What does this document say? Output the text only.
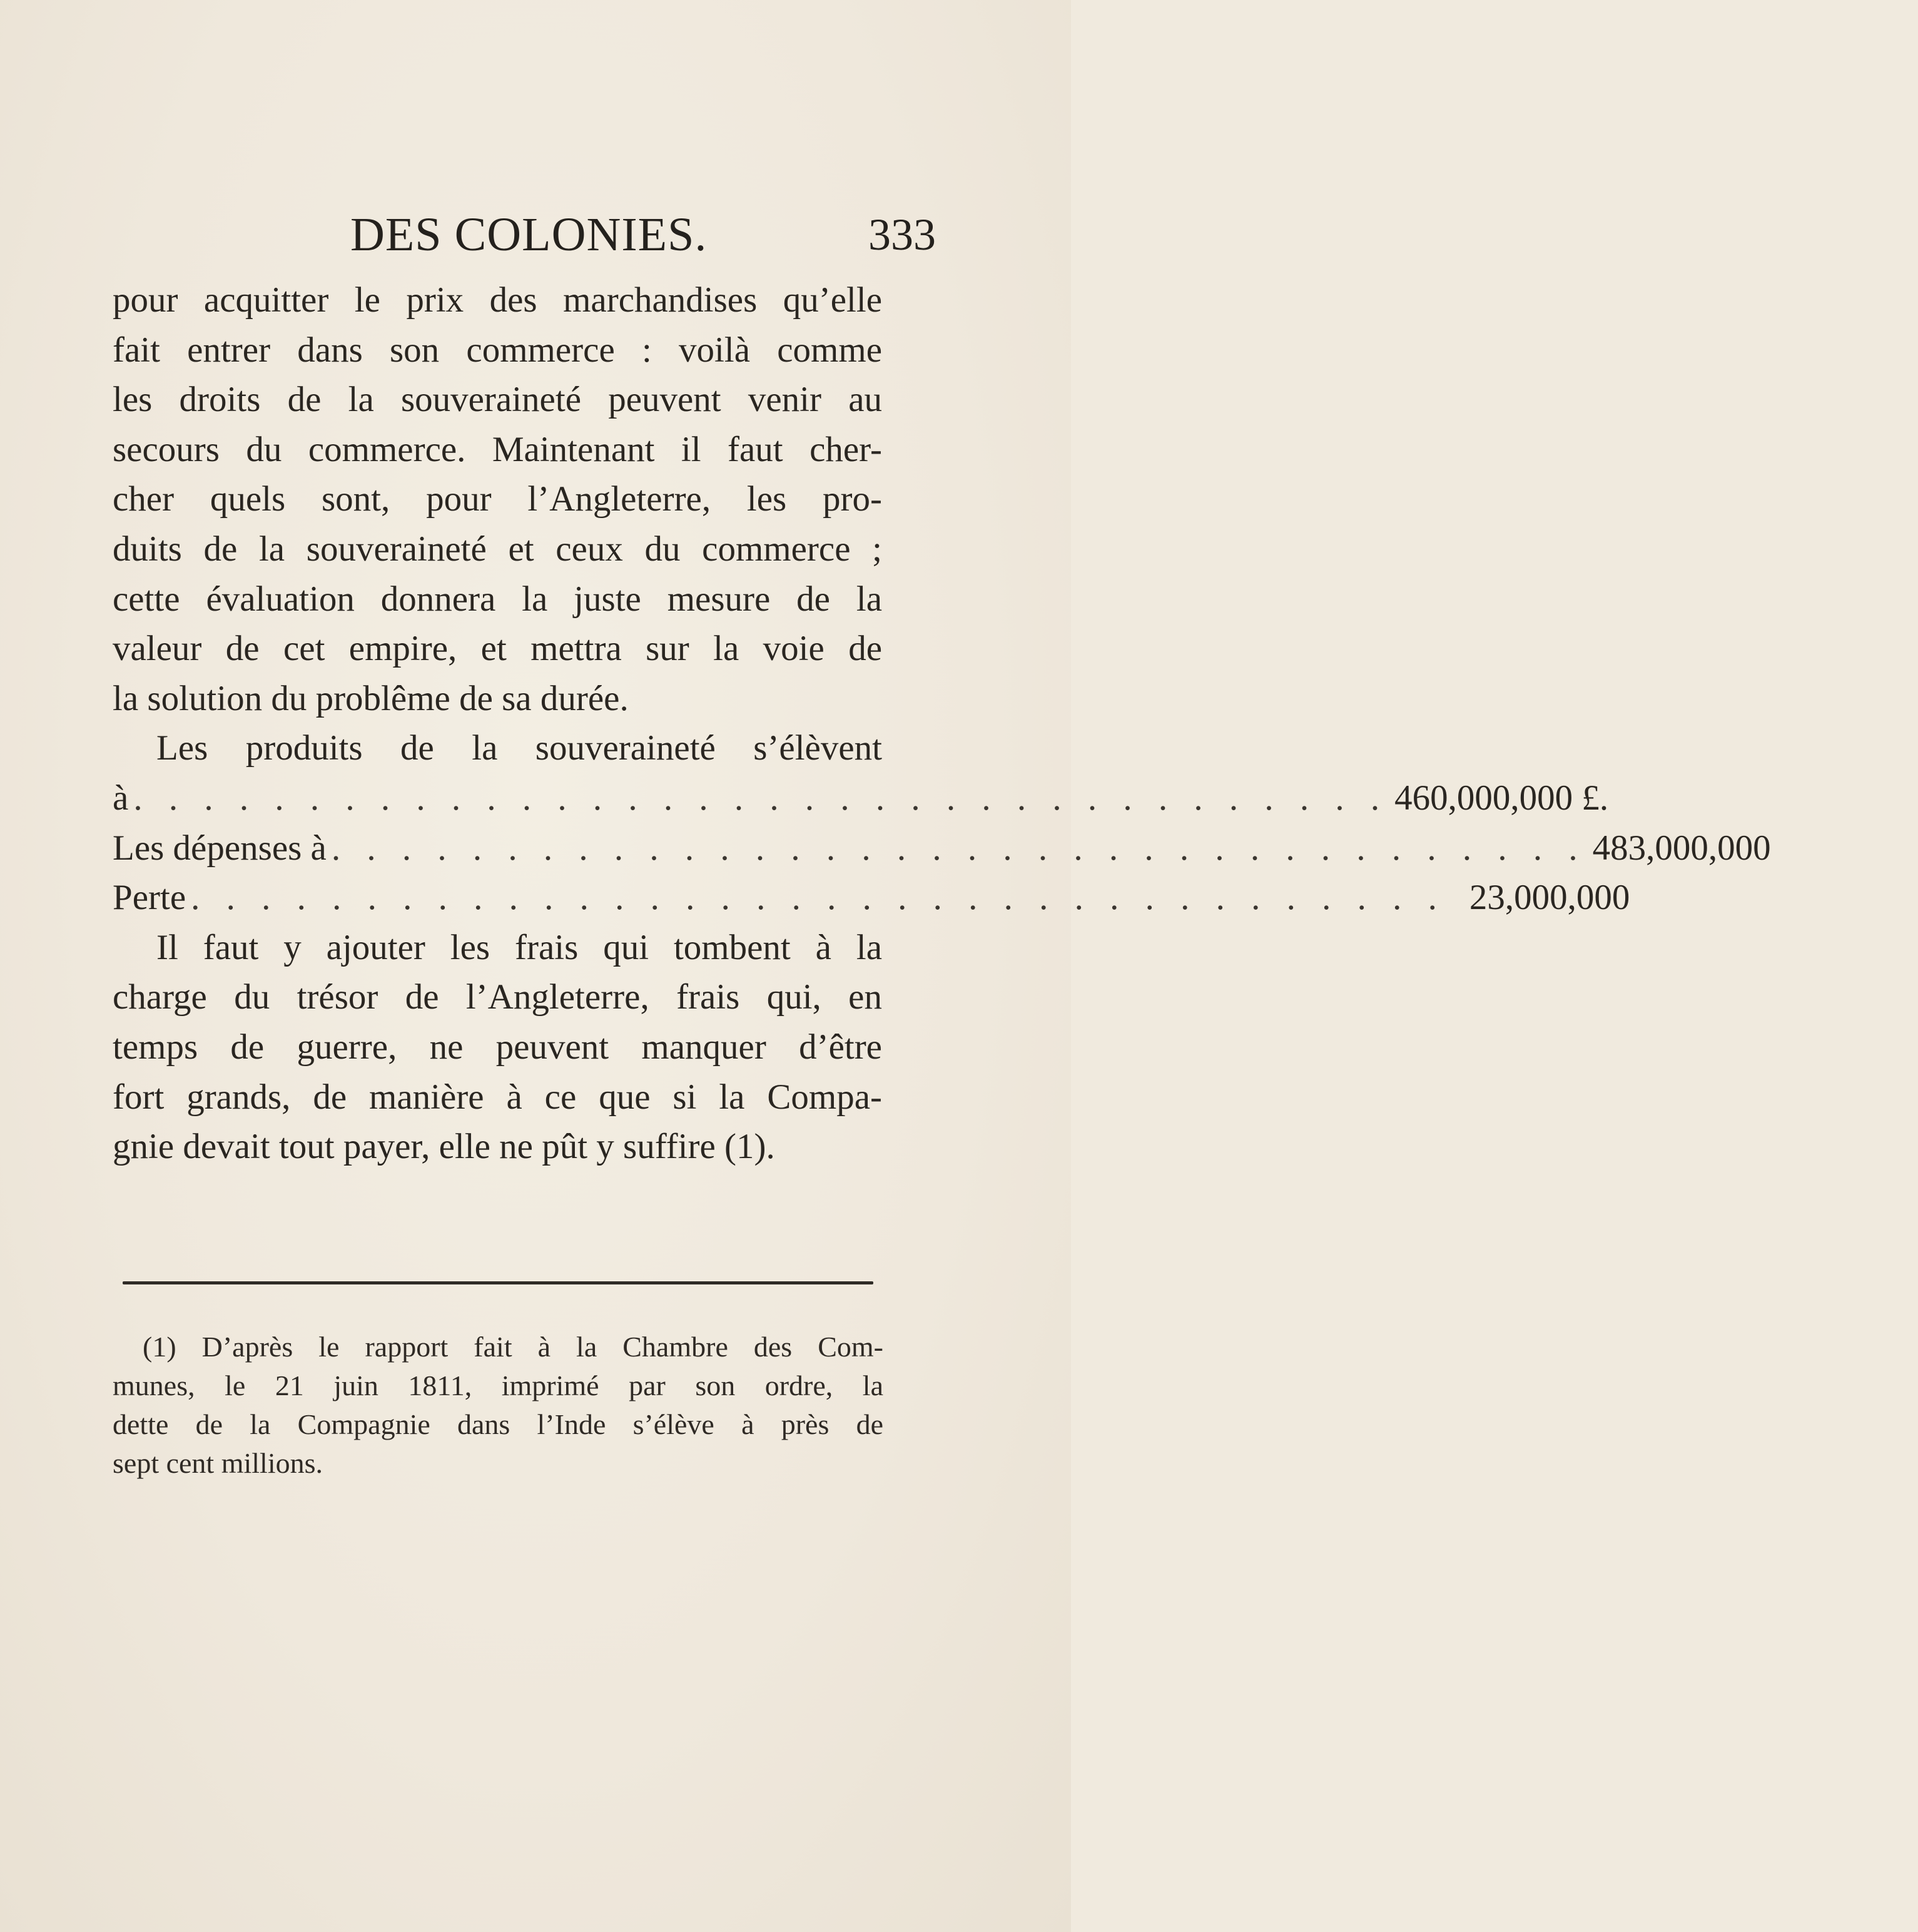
DES COLONIES.	333
pour acquitter le prix des marchandises qu’elle
fait entrer dans son commerce : voilà comme
les droits de la souveraineté peuvent venir au
secours du commerce. Maintenant il faut cher-
cher quels sont, pour l’Angleterre, les pro-
duits de la souveraineté et ceux du commerce ;
cette évaluation donnera la juste mesure de la
valeur de cet empire, et mettra sur la voie de
la solution du problême de sa durée.
Les produits de la souveraineté s’élèvent
à . . . . . . . . . . . . . . . . . . . . . . . . . . . . . . . . . . . . 460,000,000 £.
Les dépenses à . . . . . . . . . . . . . . . . . . . . . . . . . . . . . . . . . . . . 483,000,000
Perte . . . . . . . . . . . . . . . . . . . . . . . . . . . . . . . . . . . . 23,000,000
Il faut y ajouter les frais qui tombent à la
charge du trésor de l’Angleterre, frais qui, en
temps de guerre, ne peuvent manquer d’être
fort grands, de manière à ce que si la Compa-
gnie devait tout payer, elle ne pût y suffire (1).
(1) D’après le rapport fait à la Chambre des Com-
munes, le 21 juin 1811, imprimé par son ordre, la
dette de la Compagnie dans l’Inde s’élève à près de
sept cent millions.
